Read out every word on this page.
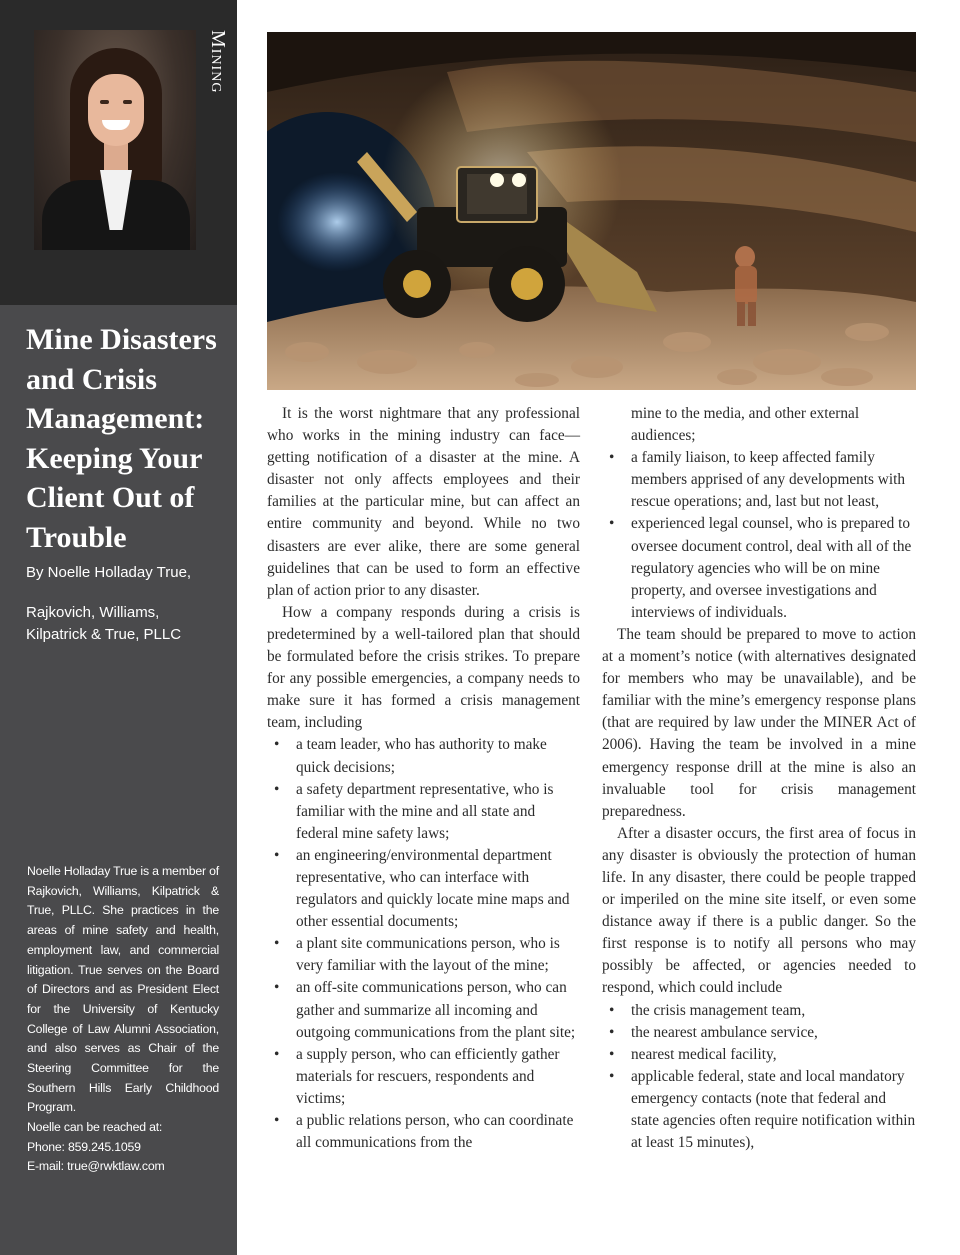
Mining
Mine Disasters
and Crisis
Management:
Keeping Your
Client Out of
Trouble
By Noelle Holladay True,
Rajkovich, Williams,
Kilpatrick & True, PLLC

Noelle Holladay True is a member of Rajkovich, Williams, Kilpatrick & True, PLLC. She practices in the areas of mine safety and health, employment law, and commercial litigation. True serves on the Board of Directors and as President Elect for the University of Kentucky College of Law Alumni Association, and also serves as Chair of the Steering Committee for the Southern Hills Early Childhood Program.

Noelle can be reached at:
Phone: 859.245.1059
E-mail: true@rwktlaw.com

It is the worst nightmare that any professional who works in the mining industry can face—getting notification of a disaster at the mine. A disaster not only affects employees and their families at the particular mine, but can affect an entire community and beyond. While no two disasters are ever alike, there are some general guidelines that can be used to form an effective plan of action prior to any disaster.

How a company responds during a crisis is predetermined by a well-tailored plan that should be formulated before the crisis strikes. To prepare for any possible emergencies, a company needs to make sure it has formed a crisis management team, including

• a team leader, who has authority to make quick decisions;
• a safety department representative, who is familiar with the mine and all state and federal mine safety laws;
• an engineering/environmental department representative, who can interface with regulators and quickly locate mine maps and other essential documents;
• a plant site communications person, who is very familiar with the layout of the mine;
• an off-site communications person, who can gather and summarize all incoming and outgoing communications from the plant site;
• a supply person, who can efficiently gather materials for rescuers, respondents and victims;
• a public relations person, who can coordinate all communications from the
mine to the media, and other external audiences;
• a family liaison, to keep affected family members apprised of any developments with rescue operations; and, last but not least,
• experienced legal counsel, who is prepared to oversee document control, deal with all of the regulatory agencies who will be on mine property, and oversee investigations and interviews of individuals.

The team should be prepared to move to action at a moment’s notice (with alternatives designated for members who may be unavailable), and be familiar with the mine’s emergency response plans (that are required by law under the MINER Act of 2006). Having the team be involved in a mine emergency response drill at the mine is also an invaluable tool for crisis management preparedness.

After a disaster occurs, the first area of focus in any disaster is obviously the protection of human life. In any disaster, there could be people trapped or imperiled on the mine site itself, or even some distance away if there is a public danger. So the first response is to notify all persons who may possibly be affected, or agencies needed to respond, which could include

• the crisis management team,
• the nearest ambulance service,
• nearest medical facility,
• applicable federal, state and local mandatory emergency contacts (note that federal and state agencies often require notification within at least 15 minutes),
